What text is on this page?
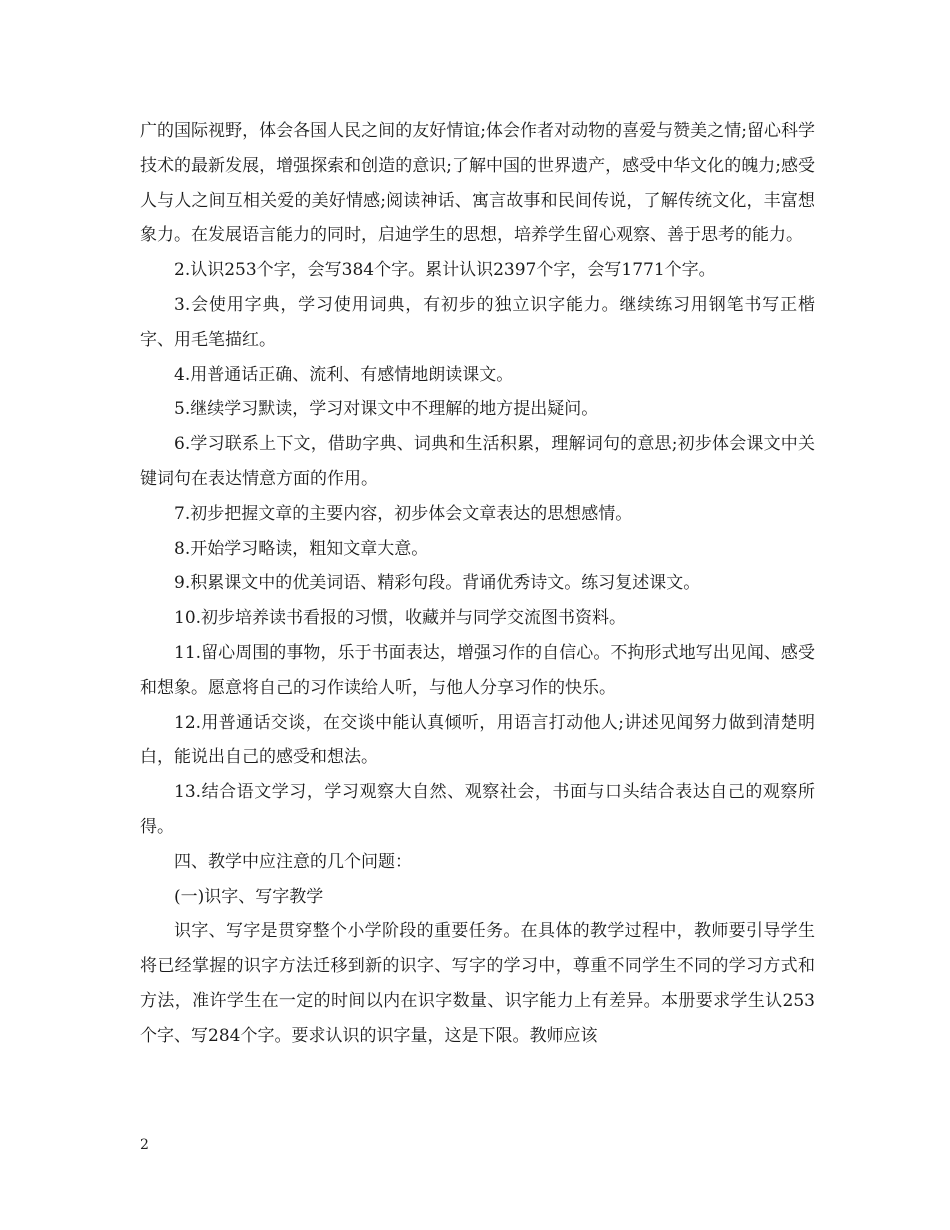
广的国际视野，体会各国人民之间的友好情谊;体会作者对动物的喜爱与赞美之情;留心科学技术的最新发展，增强探索和创造的意识;了解中国的世界遗产，感受中华文化的魄力;感受人与人之间互相关爱的美好情感;阅读神话、寓言故事和民间传说，了解传统文化，丰富想象力。在发展语言能力的同时，启迪学生的思想，培养学生留心观察、善于思考的能力。

2.认识253个字，会写384个字。累计认识2397个字，会写1771个字。

3.会使用字典，学习使用词典，有初步的独立识字能力。继续练习用钢笔书写正楷字、用毛笔描红。

4.用普通话正确、流利、有感情地朗读课文。

5.继续学习默读，学习对课文中不理解的地方提出疑问。

6.学习联系上下文，借助字典、词典和生活积累，理解词句的意思;初步体会课文中关键词句在表达情意方面的作用。

7.初步把握文章的主要内容，初步体会文章表达的思想感情。

8.开始学习略读，粗知文章大意。

9.积累课文中的优美词语、精彩句段。背诵优秀诗文。练习复述课文。

10.初步培养读书看报的习惯，收藏并与同学交流图书资料。

11.留心周围的事物，乐于书面表达，增强习作的自信心。不拘形式地写出见闻、感受和想象。愿意将自己的习作读给人听，与他人分享习作的快乐。

12.用普通话交谈，在交谈中能认真倾听，用语言打动他人;讲述见闻努力做到清楚明白，能说出自己的感受和想法。

13.结合语文学习，学习观察大自然、观察社会，书面与口头结合表达自己的观察所得。

四、教学中应注意的几个问题：

(一)识字、写字教学

识字、写字是贯穿整个小学阶段的重要任务。在具体的教学过程中，教师要引导学生将已经掌握的识字方法迁移到新的识字、写字的学习中，尊重不同学生不同的学习方式和方法，准许学生在一定的时间以内在识字数量、识字能力上有差异。本册要求学生认253个字、写284个字。要求认识的识字量，这是下限。教师应该

2
